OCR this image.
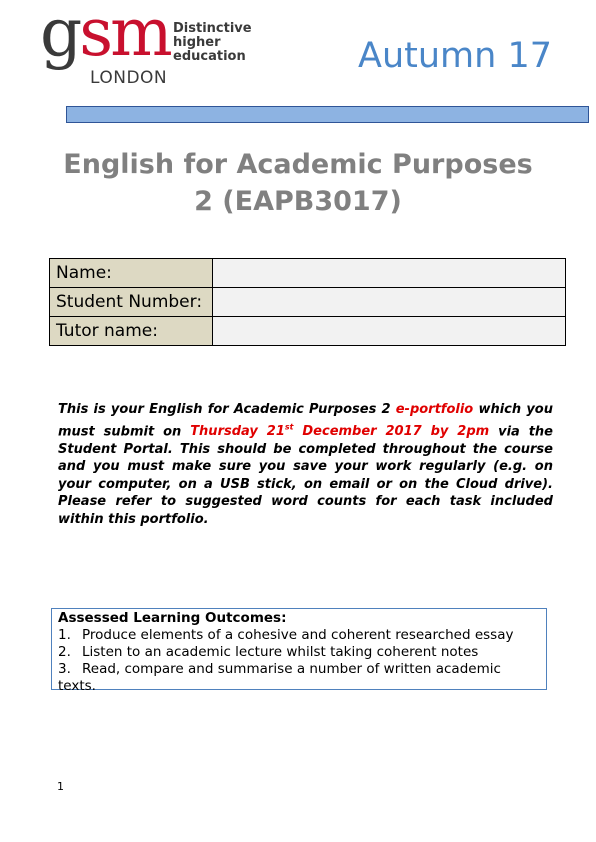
gsm
LONDON
Distinctive
higher
education	Autumn 17
English for Academic Purposes
2 (EAPB3017)
Name:	
Student Number:	
Tutor name:	
This is your English for Academic Purposes 2 e-portfolio which you must submit on Thursday 21st December 2017 by 2pm via the Student Portal. This should be completed throughout the course and you must make sure you save your work regularly (e.g. on your computer, on a USB stick, on email or on the Cloud drive). Please refer to suggested word counts for each task included within this portfolio.
Assessed Learning Outcomes:
1. Produce elements of a cohesive and coherent researched essay
2. Listen to an academic lecture whilst taking coherent notes
3. Read, compare and summarise a number of written academic texts.
1
